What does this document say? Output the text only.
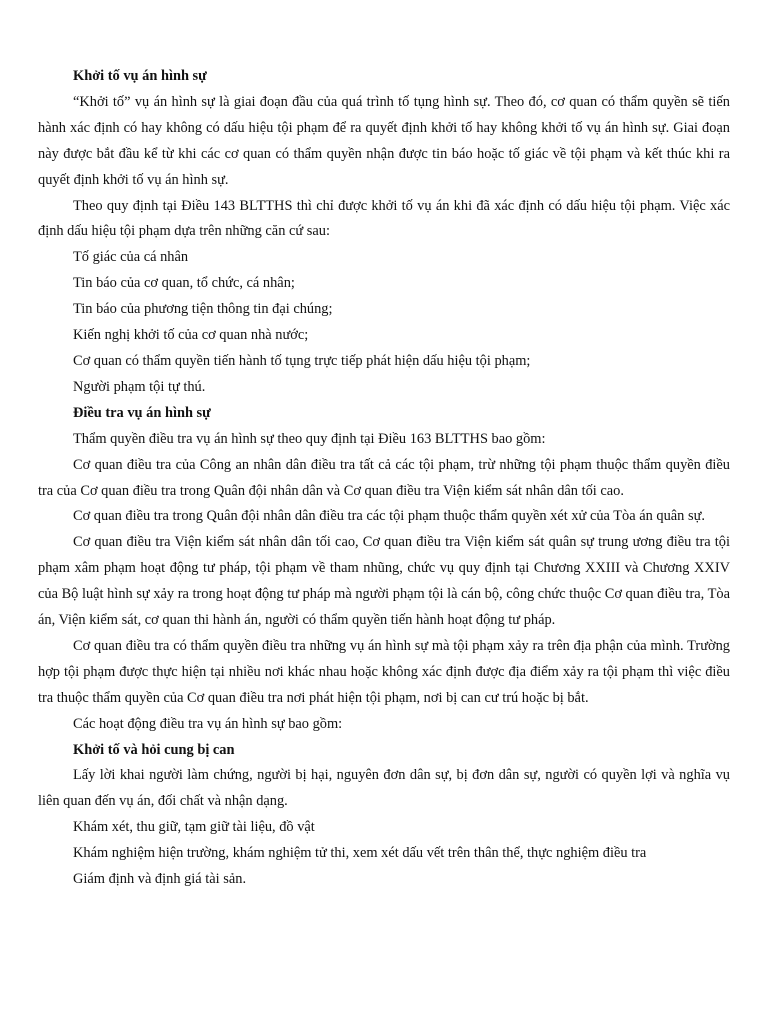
Khởi tố vụ án hình sự

“Khởi tố” vụ án hình sự là giai đoạn đầu của quá trình tố tụng hình sự. Theo đó, cơ quan có thẩm quyền sẽ tiến hành xác định có hay không có dấu hiệu tội phạm để ra quyết định khởi tố hay không khởi tố vụ án hình sự. Giai đoạn này được bắt đầu kể từ khi các cơ quan có thẩm quyền nhận được tin báo hoặc tố giác về tội phạm và kết thúc khi ra quyết định khởi tố vụ án hình sự.

Theo quy định tại Điều 143 BLTTHS thì chỉ được khởi tố vụ án khi đã xác định có dấu hiệu tội phạm. Việc xác định dấu hiệu tội phạm dựa trên những căn cứ sau:

Tố giác của cá nhân

Tin báo của cơ quan, tổ chức, cá nhân;

Tin báo của phương tiện thông tin đại chúng;

Kiến nghị khởi tố của cơ quan nhà nước;

Cơ quan có thẩm quyền tiến hành tố tụng trực tiếp phát hiện dấu hiệu tội phạm;

Người phạm tội tự thú.

Điều tra vụ án hình sự

Thẩm quyền điều tra vụ án hình sự theo quy định tại Điều 163 BLTTHS bao gồm:

Cơ quan điều tra của Công an nhân dân điều tra tất cả các tội phạm, trừ những tội phạm thuộc thẩm quyền điều tra của Cơ quan điều tra trong Quân đội nhân dân và Cơ quan điều tra Viện kiểm sát nhân dân tối cao.

Cơ quan điều tra trong Quân đội nhân dân điều tra các tội phạm thuộc thẩm quyền xét xử của Tòa án quân sự.

Cơ quan điều tra Viện kiểm sát nhân dân tối cao, Cơ quan điều tra Viện kiểm sát quân sự trung ương điều tra tội phạm xâm phạm hoạt động tư pháp, tội phạm về tham nhũng, chức vụ quy định tại Chương XXIII và Chương XXIV của Bộ luật hình sự xảy ra trong hoạt động tư pháp mà người phạm tội là cán bộ, công chức thuộc Cơ quan điều tra, Tòa án, Viện kiểm sát, cơ quan thi hành án, người có thẩm quyền tiến hành hoạt động tư pháp.

Cơ quan điều tra có thẩm quyền điều tra những vụ án hình sự mà tội phạm xảy ra trên địa phận của mình. Trường hợp tội phạm được thực hiện tại nhiều nơi khác nhau hoặc không xác định được địa điểm xảy ra tội phạm thì việc điều tra thuộc thẩm quyền của Cơ quan điều tra nơi phát hiện tội phạm, nơi bị can cư trú hoặc bị bắt.

Các hoạt động điều tra vụ án hình sự bao gồm:

Khởi tố và hỏi cung bị can

Lấy lời khai người làm chứng, người bị hại, nguyên đơn dân sự, bị đơn dân sự, người có quyền lợi và nghĩa vụ liên quan đến vụ án, đối chất và nhận dạng.

Khám xét, thu giữ, tạm giữ tài liệu, đồ vật

Khám nghiệm hiện trường, khám nghiệm tử thi, xem xét dấu vết trên thân thể, thực nghiệm điều tra

Giám định và định giá tài sản.
